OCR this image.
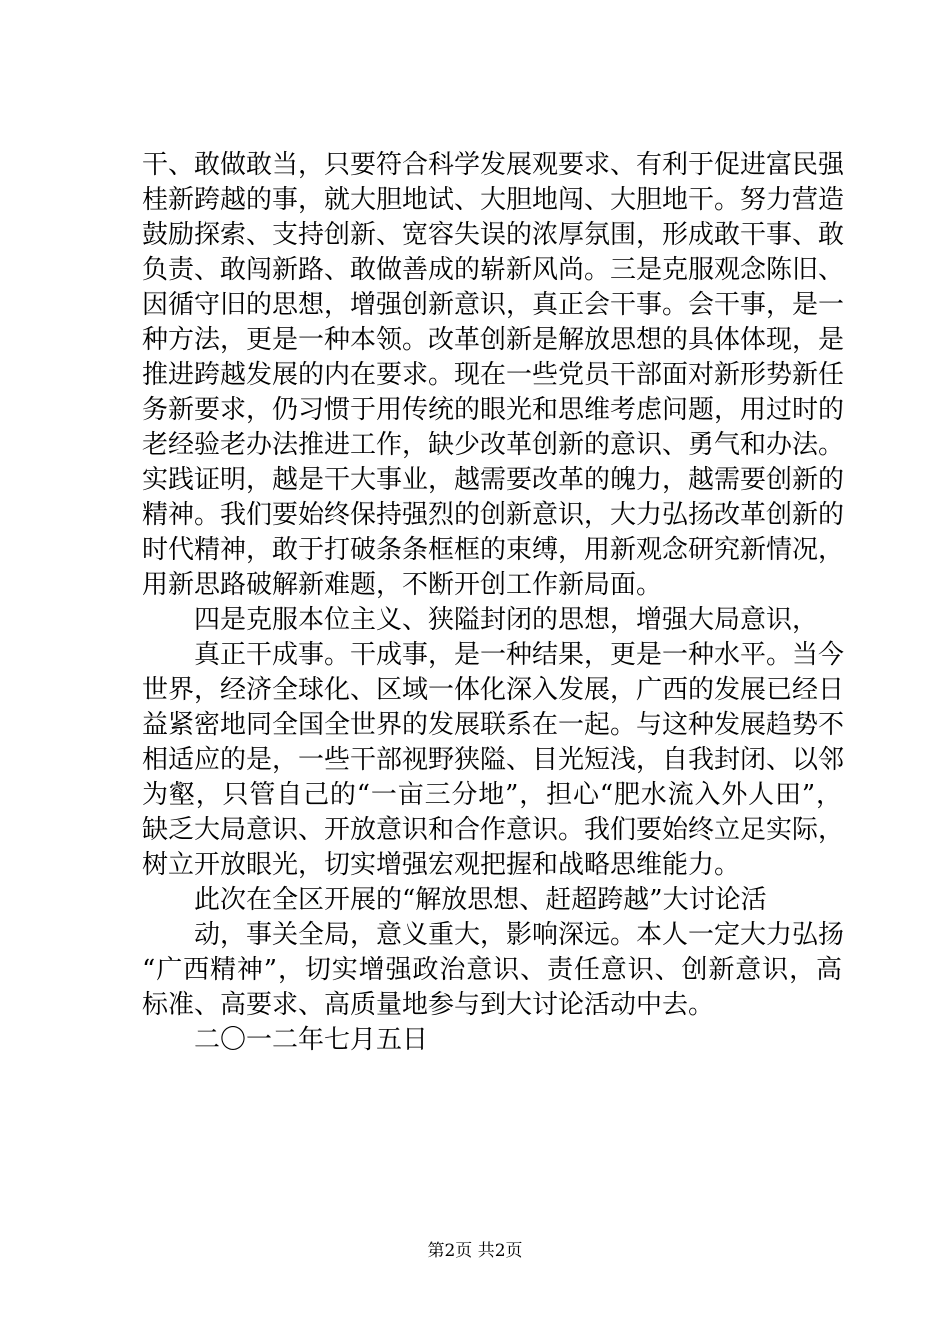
干、敢做敢当，只要符合科学发展观要求、有利于促进富民强
桂新跨越的事，就大胆地试、大胆地闯、大胆地干。努力营造
鼓励探索、支持创新、宽容失误的浓厚氛围，形成敢干事、敢
负责、敢闯新路、敢做善成的崭新风尚。三是克服观念陈旧、
因循守旧的思想，增强创新意识，真正会干事。会干事，是一
种方法，更是一种本领。改革创新是解放思想的具体体现，是
推进跨越发展的内在要求。现在一些党员干部面对新形势新任
务新要求，仍习惯于用传统的眼光和思维考虑问题，用过时的
老经验老办法推进工作，缺少改革创新的意识、勇气和办法。
实践证明，越是干大事业，越需要改革的魄力，越需要创新的
精神。我们要始终保持强烈的创新意识，大力弘扬改革创新的
时代精神，敢于打破条条框框的束缚，用新观念研究新情况，
用新思路破解新难题，不断开创工作新局面。
四是克服本位主义、狭隘封闭的思想，增强大局意识，
真正干成事。干成事，是一种结果，更是一种水平。当今
世界，经济全球化、区域一体化深入发展，广西的发展已经日
益紧密地同全国全世界的发展联系在一起。与这种发展趋势不
相适应的是，一些干部视野狭隘、目光短浅，自我封闭、以邻
为壑，只管自己的“一亩三分地”，担心“肥水流入外人田”，
缺乏大局意识、开放意识和合作意识。我们要始终立足实际，
树立开放眼光，切实增强宏观把握和战略思维能力。
此次在全区开展的“解放思想、赶超跨越”大讨论活
动，事关全局，意义重大，影响深远。本人一定大力弘扬
“广西精神”，切实增强政治意识、责任意识、创新意识，高
标准、高要求、高质量地参与到大讨论活动中去。
二〇一二年七月五日
第2页 共2页
